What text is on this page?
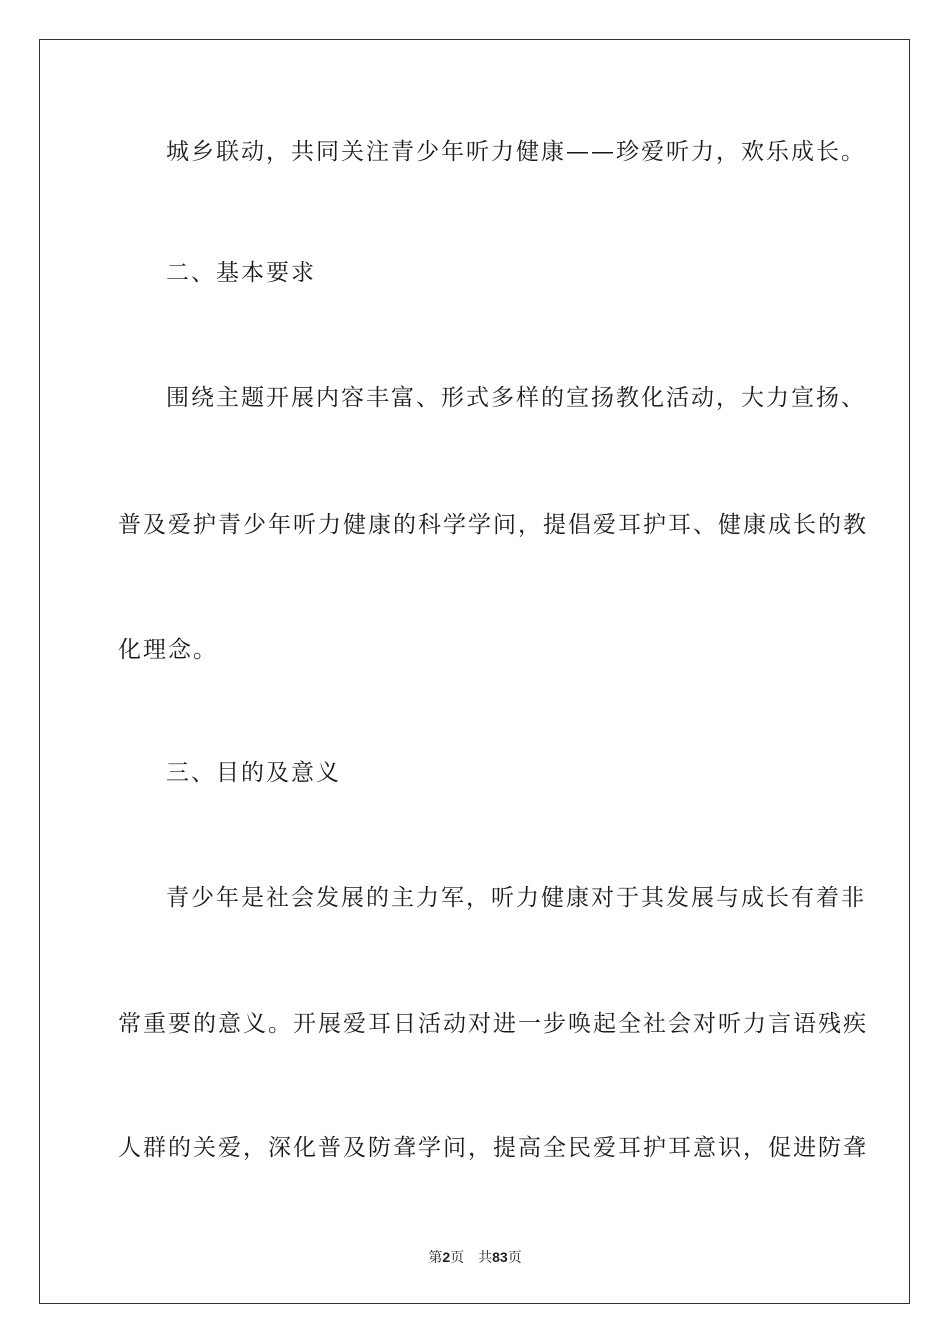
城乡联动，共同关注青少年听力健康——珍爱听力，欢乐成长。
二、基本要求
围绕主题开展内容丰富、形式多样的宣扬教化活动，大力宣扬、
普及爱护青少年听力健康的科学学问，提倡爱耳护耳、健康成长的教
化理念。
三、目的及意义
青少年是社会发展的主力军，听力健康对于其发展与成长有着非
常重要的意义。开展爱耳日活动对进一步唤起全社会对听力言语残疾
人群的关爱，深化普及防聋学问，提高全民爱耳护耳意识，促进防聋
第2页 共83页
